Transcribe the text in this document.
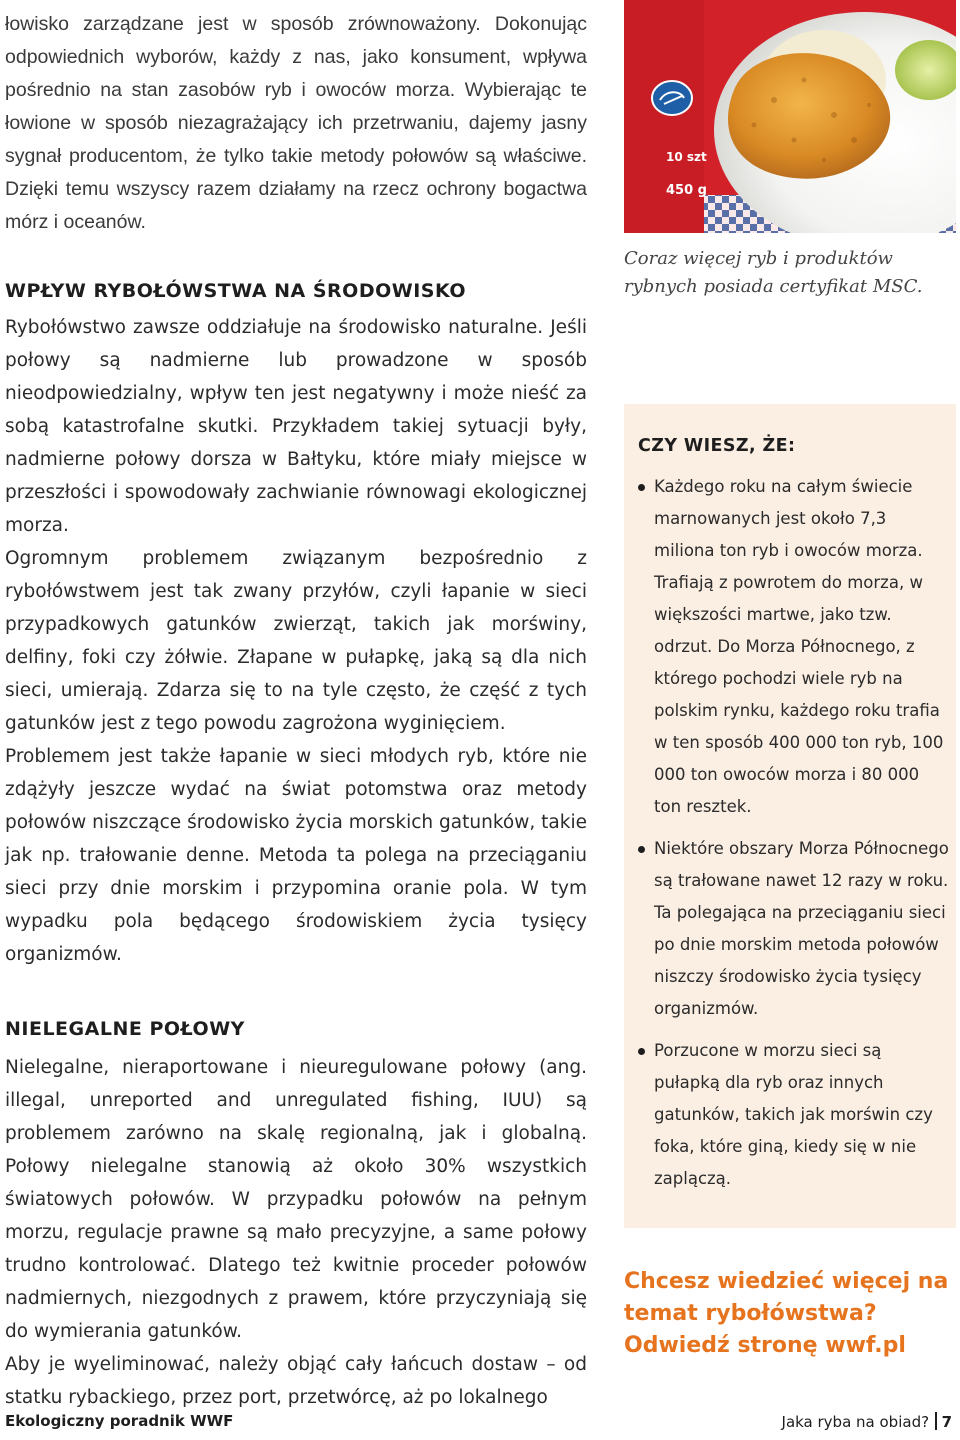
łowisko zarządzane jest w sposób zrównoważony. Dokonując odpowiednich wyborów, każdy z nas, jako konsument, wpływa pośrednio na stan zasobów ryb i owoców morza. Wybierając te łowione w sposób niezagrażający ich przetrwaniu, dajemy jasny sygnał producentom, że tylko takie metody połowów są właściwe. Dzięki temu wszyscy razem działamy na rzecz ochrony bogactwa mórz i oceanów.

WPŁYW RYBOŁÓWSTWA NA ŚRODOWISKO

Rybołówstwo zawsze oddziałuje na środowisko naturalne. Jeśli połowy są nadmierne lub prowadzone w sposób nieodpowiedzialny, wpływ ten jest negatywny i może nieść za sobą katastrofalne skutki. Przykładem takiej sytuacji były, nadmierne połowy dorsza w Bałtyku, które miały miejsce w przeszłości i spowodowały zachwianie równowagi ekologicznej morza.

Ogromnym problemem związanym bezpośrednio z rybołówstwem jest tak zwany przyłów, czyli łapanie w sieci przypadkowych gatunków zwierząt, takich jak morświny, delfiny, foki czy żółwie. Złapane w pułapkę, jaką są dla nich sieci, umierają. Zdarza się to na tyle często, że część z tych gatunków jest z tego powodu zagrożona wyginięciem.

Problemem jest także łapanie w sieci młodych ryb, które nie zdążyły jeszcze wydać na świat potomstwa oraz metody połowów niszczące środowisko życia morskich gatunków, takie jak np. trałowanie denne. Metoda ta polega na przeciąganiu sieci przy dnie morskim i przypomina oranie pola. W tym wypadku pola będącego środowiskiem życia tysięcy organizmów.

NIELEGALNE POŁOWY

Nielegalne, nieraportowane i nieuregulowane połowy (ang. illegal, unreported and unregulated fishing, IUU) są problemem zarówno na skalę regionalną, jak i globalną. Połowy nielegalne stanowią aż około 30% wszystkich światowych połowów. W przypadku połowów na pełnym morzu, regulacje prawne są mało precyzyjne, a same połowy trudno kontrolować. Dlatego też kwitnie proceder połowów nadmiernych, niezgodnych z prawem, które przyczyniają się do wymierania gatunków.

Aby je wyeliminować, należy objąć cały łańcuch dostaw – od statku rybackiego, przez port, przetwórcę, aż po lokalnego

10 szt
450 g
Coraz więcej ryb i produktów rybnych posiada certyfikat MSC.
CZY WIESZ, ŻE:
Każdego roku na całym świecie marnowanych jest około 7,3 miliona ton ryb i owoców morza. Trafiają z powrotem do morza, w większości martwe, jako tzw. odrzut. Do Morza Północnego, z którego pochodzi wiele ryb na polskim rynku, każdego roku trafia w ten sposób 400 000 ton ryb, 100 000 ton owoców morza i 80 000 ton resztek.
Niektóre obszary Morza Północnego są trałowane nawet 12 razy w roku. Ta polegająca na przeciąganiu sieci po dnie morskim metoda połowów niszczy środowisko życia tysięcy organizmów.
Porzucone w morzu sieci są pułapką dla ryb oraz innych gatunków, takich jak morświn czy foka, które giną, kiedy się w nie zaplączą.
Chcesz wiedzieć więcej na temat rybołówstwa? Odwiedź stronę wwf.pl
Ekologiczny poradnik WWF	Jaka ryba na obiad? 7
